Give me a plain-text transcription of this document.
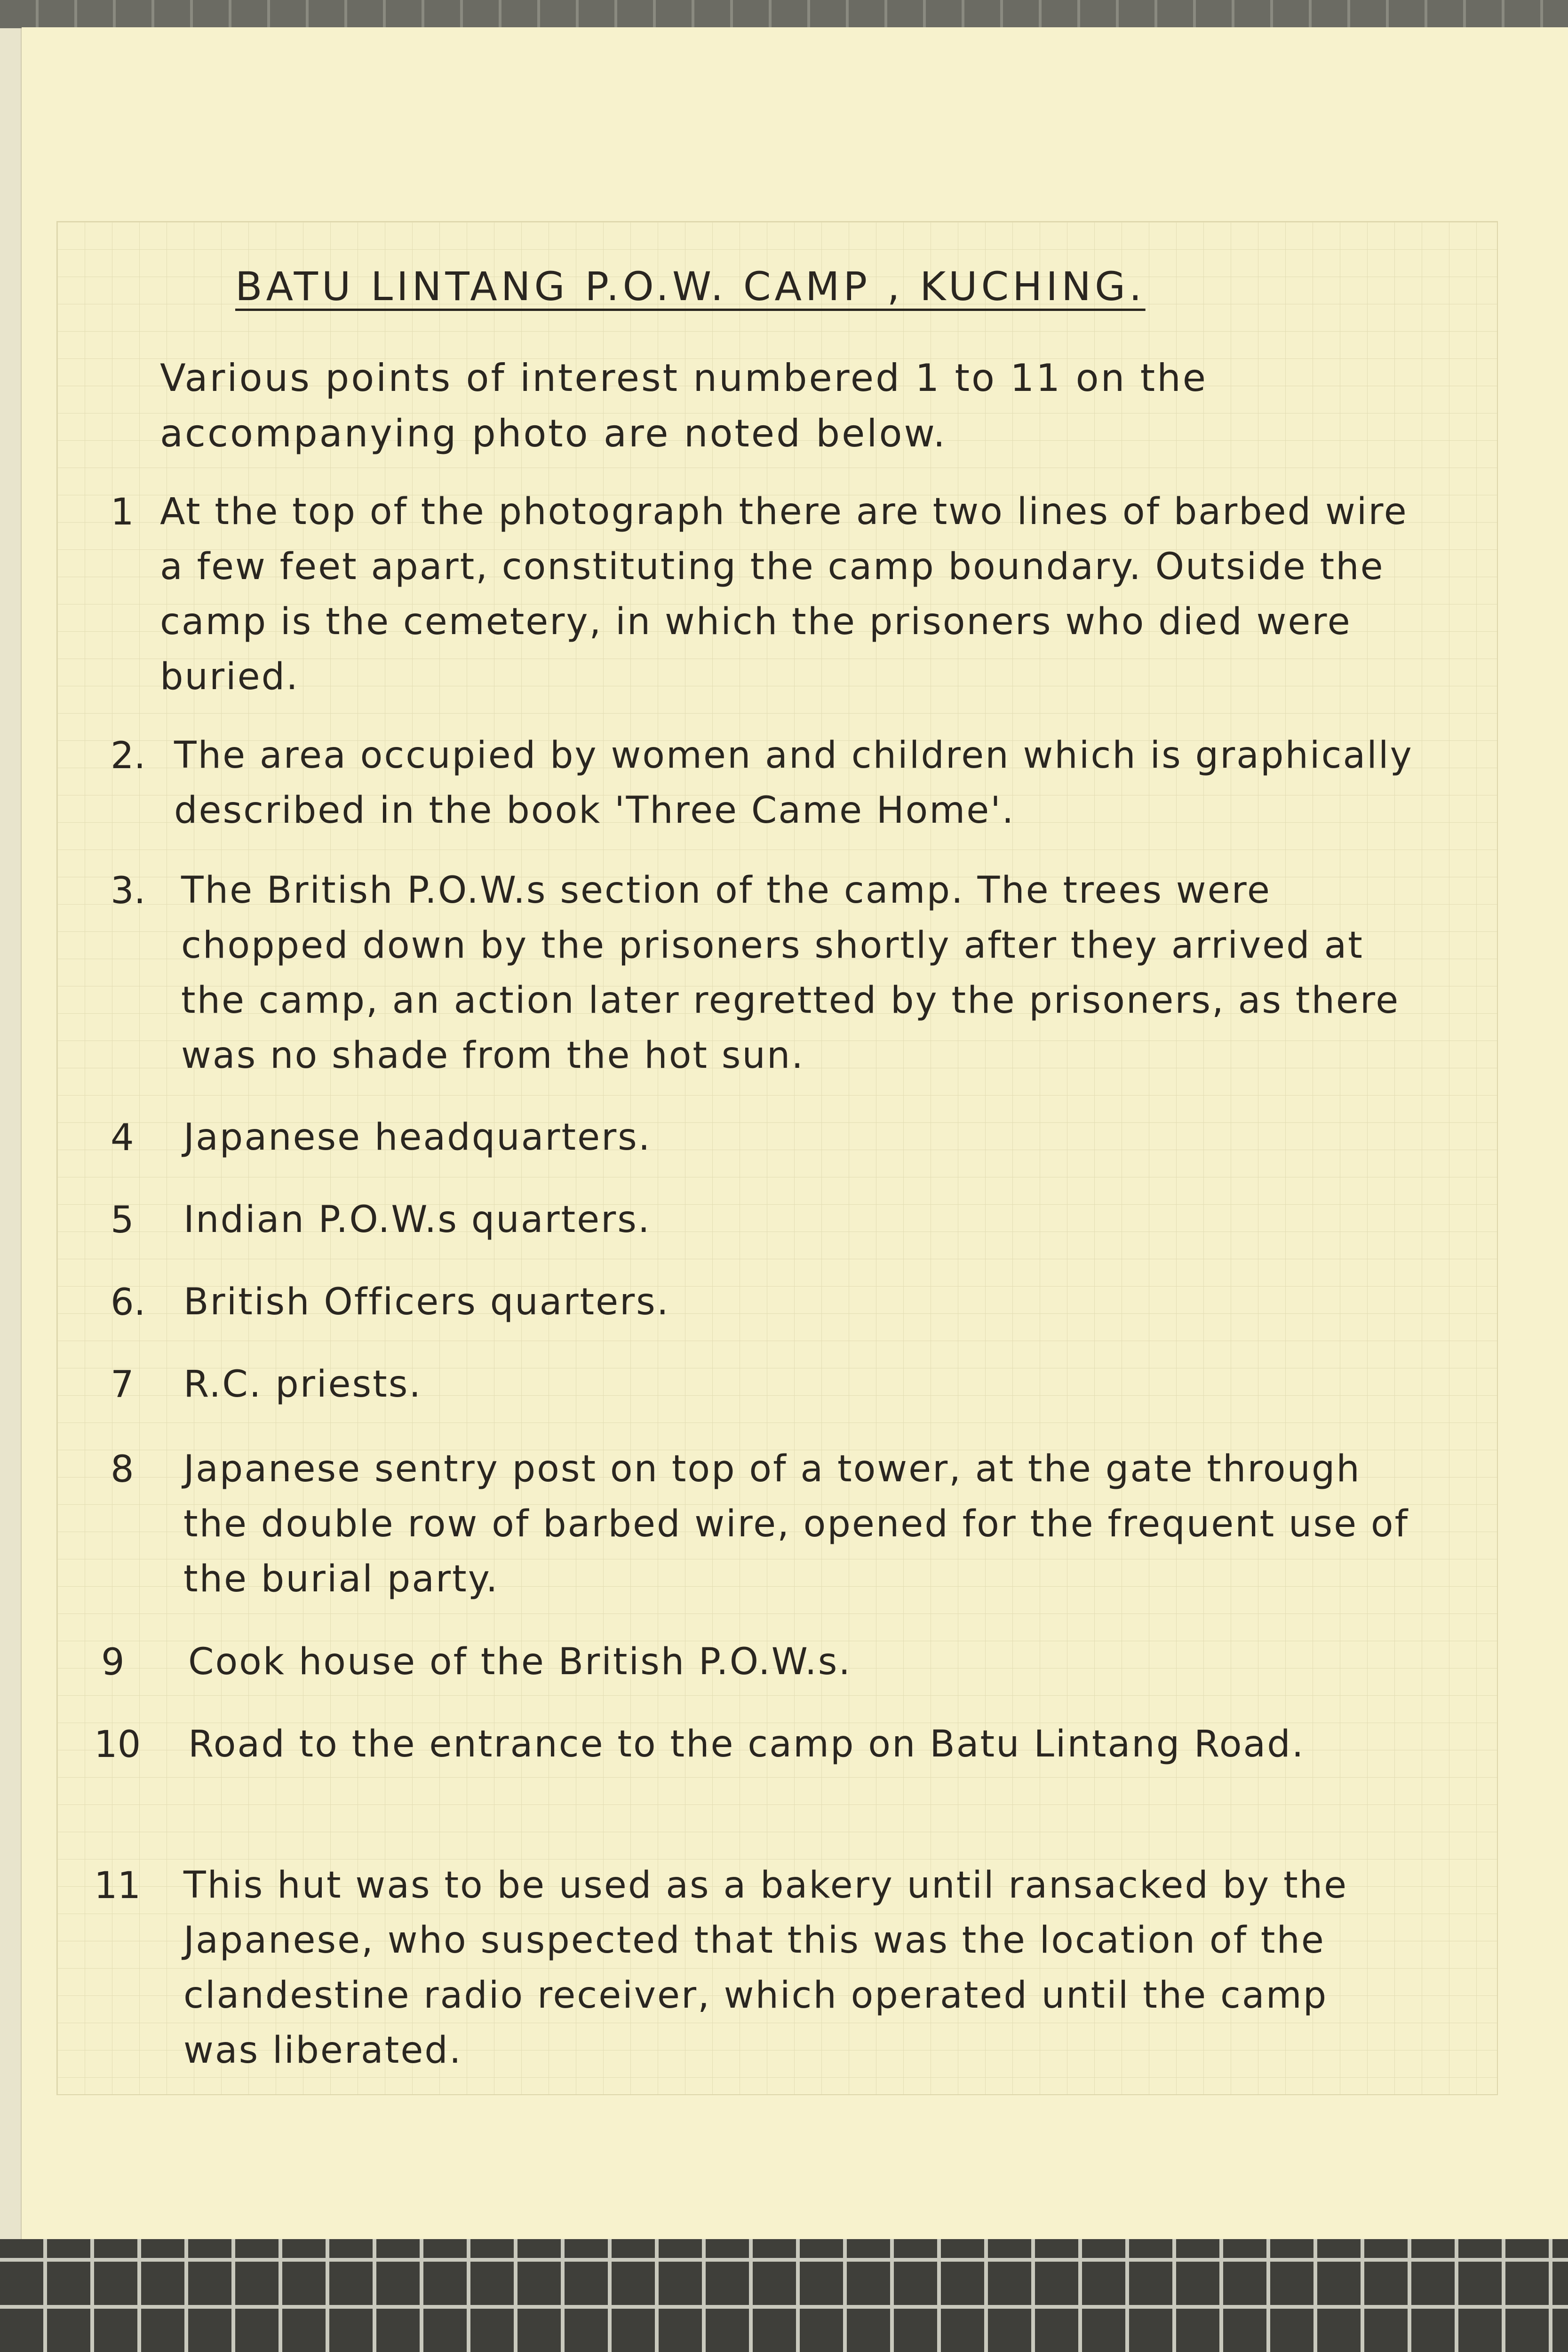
BATU LINTANG P.O.W. CAMP , KUCHING.
Various points of interest numbered 1 to 11 on the accompanying photo are noted below.
1 At the top of the photograph there are two lines of barbed wire a few feet apart, constituting the camp boundary. Outside the camp is the cemetery, in which the prisoners who died were buried.
2. The area occupied by women and children which is graphically described in the book 'Three Came Home'.
3. The British P.O.W.s section of the camp. The trees were chopped down by the prisoners shortly after they arrived at the camp, an action later regretted by the prisoners, as there was no shade from the hot sun.
4 Japanese headquarters.
5 Indian P.O.W.s quarters.
6. British Officers quarters.
7 R.C. priests.
8 Japanese sentry post on top of a tower, at the gate through the double row of barbed wire, opened for the frequent use of the burial party.
9 Cook house of the British P.O.W.s.
10 Road to the entrance to the camp on Batu Lintang Road.
11 This hut was to be used as a bakery until ransacked by the Japanese, who suspected that this was the location of the clandestine radio receiver, which operated until the camp was liberated.
